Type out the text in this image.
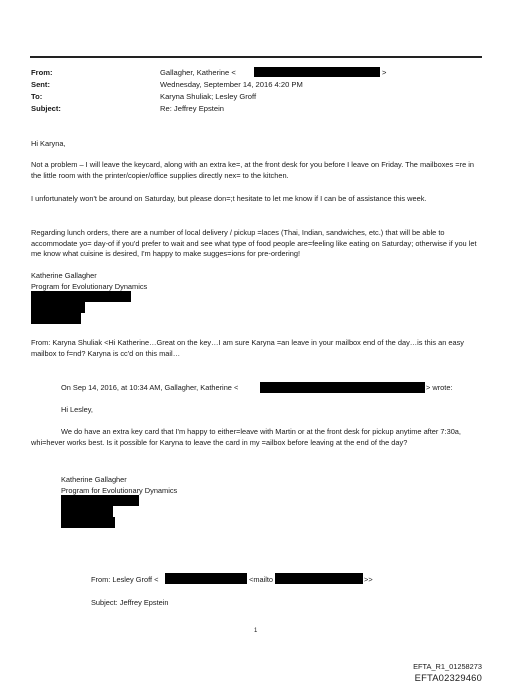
From:	Gallagher, Katherine <	>
Sent:	Wednesday, September 14, 2016 4:20 PM
To:	Karyna Shuliak; Lesley Groff
Subject:	Re: Jeffrey Epstein

Hi Karyna,

Not a problem – I will leave the keycard, along with an extra ke=, at the front desk for you before I leave on Friday. The mailboxes =re in the little room with the printer/copier/office supplies directly nex= to the kitchen.

I unfortunately won't be around on Saturday, but please don=;t hesitate to let me know if I can be of assistance this week.

Regarding lunch orders, there are a number of local delivery / pickup =laces (Thai, Indian, sandwiches, etc.) that will be able to accommodate yo= day-of if you'd prefer to wait and see what type of food people are=feeling like eating on Saturday; otherwise if you let me know what cuisine is desired, I'm happy to make sugges=ions for pre-ordering!

Katherine Gallagher

Program for Evolutionary Dynamics

From: Karyna Shuliak <Hi Katherine…Great on the key…I am sure Karyna =an leave in your mailbox end of the day…is this an easy mailbox to f=nd? Karyna is cc'd on this mail…

On Sep 14, 2016, at 10:34 AM, Gallagher, Katherine <	> wrote:

Hi Lesley,

We do have an extra key card that I'm happy to either=leave with Martin or at the front desk for pickup anytime after 7:30a, whi=hever works best. Is it possible for Karyna to leave the card in my =ailbox before leaving at the end of the day?

Katherine Gallagher

Program for Evolutionary Dynamics

From: Lesley Groff <	<mailto	>>

Subject: Jeffrey Epstein

1

EFTA_R1_01258273
EFTA02329460
